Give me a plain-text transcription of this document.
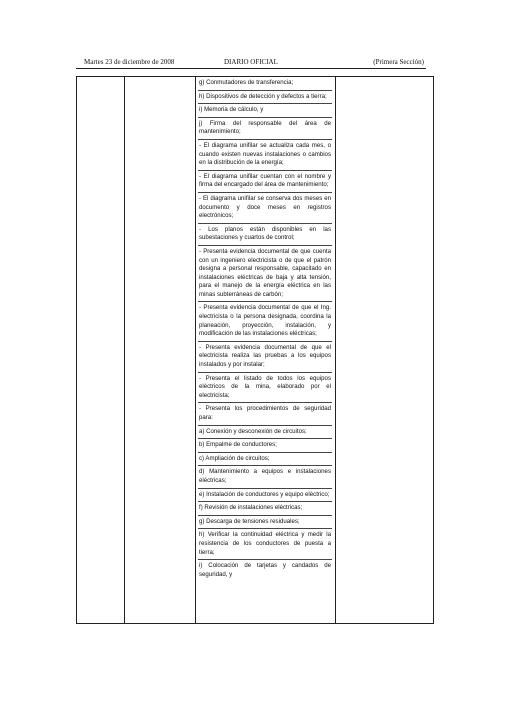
Martes 23 de diciembre de 2008	DIARIO OFICIAL	(Primera Sección)
g) Conmutadores de transferencia;
h) Dispositivos de detección y defectos a tierra;
i) Memoria de cálculo, y
j) Firma del responsable del área de mantenimiento;
- El diagrama unifilar se actualiza cada mes, o cuando existen nuevas instalaciones o cambios en la distribución de la energía;
- El diagrama unifilar cuentan con el nombre y firma del encargado del área de mantenimiento;
- El diagrama unifilar se conserva dos meses en documento y doce meses en registros electrónicos;
- Los planos están disponibles en las subestaciones y cuartos de control;
- Presenta evidencia documental de que cuenta con un ingeniero electricista o de que el patrón designa a personal responsable, capacitado en instalaciones eléctricas de baja y alta tensión, para el manejo de la energía eléctrica en las minas subterráneas de carbón;
- Presenta evidencia documental de que el Ing. electricista o la persona designada, coordina la planeación, proyección, instalación, y modificación de las instalaciones eléctricas;
- Presenta evidencia documental de que el electricista realiza las pruebas a los equipos instalados y por instalar;
- Presenta el listado de todos los equipos eléctricos de la mina, elaborado por el electricista;
- Presenta los procedimientos de seguridad para:
a) Conexión y desconexión de circuitos;
b) Empalme de conductores;
c) Ampliación de circuitos;
d) Mantenimiento a equipos e instalaciones eléctricas;
e) Instalación de conductores y equipo eléctrico;
f) Revisión de instalaciones eléctricas;
g) Descarga de tensiones residuales;
h) Verificar la continuidad eléctrica y medir la resistencia de los conductores de puesta a tierra;
i) Colocación de tarjetas y candados de seguridad, y
